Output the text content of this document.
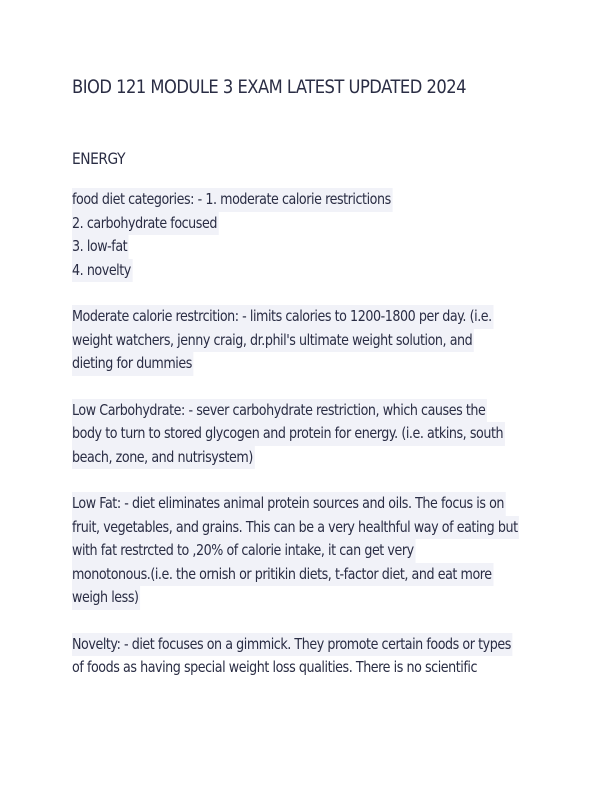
BIOD 121 MODULE 3 EXAM LATEST UPDATED 2024
ENERGY
food diet categories: - 1. moderate calorie restrictions
2. carbohydrate focused
3. low-fat
4. novelty
Moderate calorie restrcition: - limits calories to 1200-1800 per day. (i.e.
weight watchers, jenny craig, dr.phil's ultimate weight solution, and
dieting for dummies
Low Carbohydrate: - sever carbohydrate restriction, which causes the
body to turn to stored glycogen and protein for energy. (i.e. atkins, south
beach, zone, and nutrisystem)
Low Fat: - diet eliminates animal protein sources and oils. The focus is on
fruit, vegetables, and grains. This can be a very healthful way of eating but
with fat restrcted to ,20% of calorie intake, it can get very
monotonous.(i.e. the ornish or pritikin diets, t-factor diet, and eat more
weigh less)
Novelty: - diet focuses on a gimmick. They promote certain foods or types
of foods as having special weight loss qualities. There is no scientific
